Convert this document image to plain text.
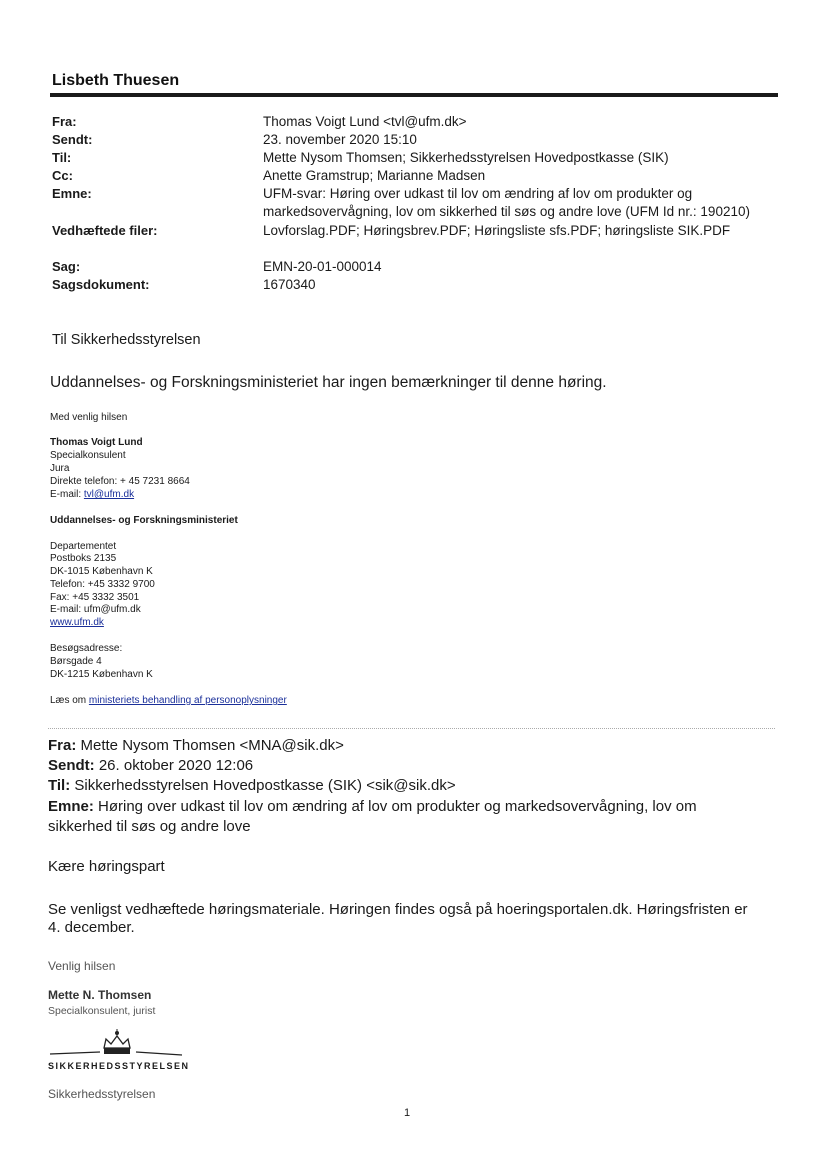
Lisbeth Thuesen
Fra:	Thomas Voigt Lund <tvl@ufm.dk>
Sendt:	23. november 2020 15:10
Til:	Mette Nysom Thomsen; Sikkerhedsstyrelsen Hovedpostkasse (SIK)
Cc:	Anette Gramstrup; Marianne Madsen
Emne:	UFM-svar: Høring over udkast til lov om ændring af lov om produkter og
markedsovervågning, lov om sikkerhed til søs og andre love (UFM Id nr.: 190210)
Vedhæftede filer:	Lovforslag.PDF; Høringsbrev.PDF; Høringsliste sfs.PDF; høringsliste SIK.PDF
Sag:	EMN-20-01-000014
Sagsdokument:	1670340
Til Sikkerhedsstyrelsen
Uddannelses- og Forskningsministeriet har ingen bemærkninger til denne høring.
Med venlig hilsen
Thomas Voigt Lund
Specialkonsulent
Jura
Direkte telefon: + 45 7231 8664
E-mail: tvl@ufm.dk
Uddannelses- og Forskningsministeriet
Departementet
Postboks 2135
DK-1015 København K
Telefon: +45 3332 9700
Fax: +45 3332 3501
E-mail: ufm@ufm.dk
www.ufm.dk
Besøgsadresse:
Børsgade 4
DK-1215 København K
Læs om ministeriets behandling af personoplysninger
Fra: Mette Nysom Thomsen <MNA@sik.dk>
Sendt: 26. oktober 2020 12:06
Til: Sikkerhedsstyrelsen Hovedpostkasse (SIK) <sik@sik.dk>
Emne: Høring over udkast til lov om ændring af lov om produkter og markedsovervågning, lov om
sikkerhed til søs og andre love
Kære høringspart
Se venligst vedhæftede høringsmateriale. Høringen findes også på hoeringsportalen.dk. Høringsfristen er
4. december.
Venlig hilsen
Mette N. Thomsen
Specialkonsulent, jurist
SIKKERHEDSSTYRELSEN
Sikkerhedsstyrelsen
1
